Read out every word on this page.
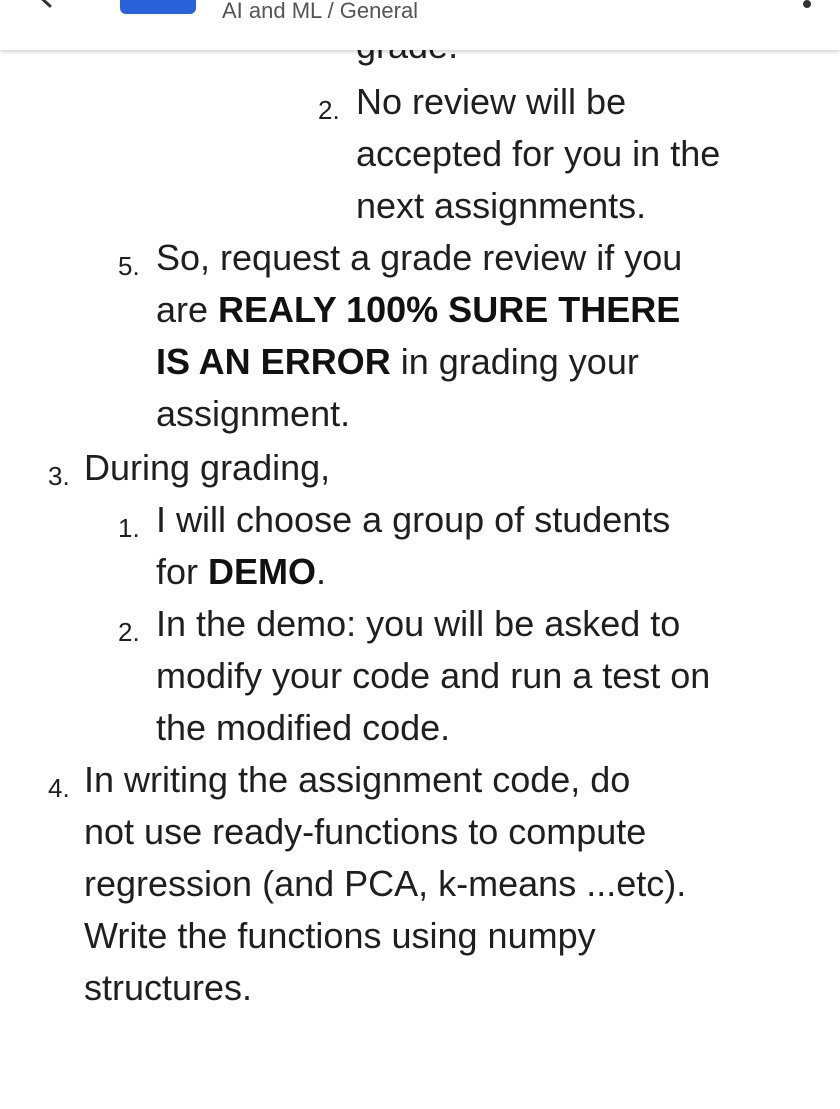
AI and ML / General
2. No review will be
accepted for you in the
next assignments.
5. So, request a grade review if you
are REALY 100% SURE THERE
IS AN ERROR in grading your
assignment.
3. During grading,
1. I will choose a group of students
for DEMO.
2. In the demo: you will be asked to
modify your code and run a test on
the modified code.
4. In writing the assignment code, do
not use ready-functions to compute
regression (and PCA, k-means ...etc).
Write the functions using numpy
structures.
